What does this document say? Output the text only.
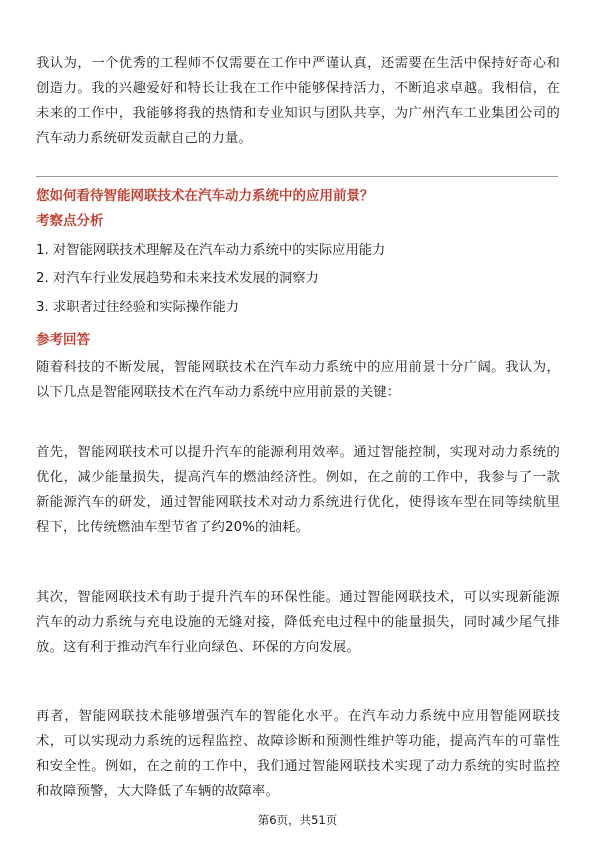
我认为，一个优秀的工程师不仅需要在工作中严谨认真，还需要在生活中保持好奇心和创造力。我的兴趣爱好和特长让我在工作中能够保持活力，不断追求卓越。我相信，在未来的工作中，我能够将我的热情和专业知识与团队共享，为广州汽车工业集团公司的汽车动力系统研发贡献自己的力量。

您如何看待智能网联技术在汽车动力系统中的应用前景？

考察点分析

1. 对智能网联技术理解及在汽车动力系统中的实际应用能力

2. 对汽车行业发展趋势和未来技术发展的洞察力

3. 求职者过往经验和实际操作能力

参考回答

随着科技的不断发展，智能网联技术在汽车动力系统中的应用前景十分广阔。我认为，以下几点是智能网联技术在汽车动力系统中应用前景的关键：

首先，智能网联技术可以提升汽车的能源利用效率。通过智能控制，实现对动力系统的优化，减少能量损失，提高汽车的燃油经济性。例如，在之前的工作中，我参与了一款新能源汽车的研发，通过智能网联技术对动力系统进行优化，使得该车型在同等续航里程下，比传统燃油车型节省了约20%的油耗。

其次，智能网联技术有助于提升汽车的环保性能。通过智能网联技术，可以实现新能源汽车的动力系统与充电设施的无缝对接，降低充电过程中的能量损失，同时减少尾气排放。这有利于推动汽车行业向绿色、环保的方向发展。

再者，智能网联技术能够增强汽车的智能化水平。在汽车动力系统中应用智能网联技术，可以实现动力系统的远程监控、故障诊断和预测性维护等功能，提高汽车的可靠性和安全性。例如，在之前的工作中，我们通过智能网联技术实现了动力系统的实时监控和故障预警，大大降低了车辆的故障率。

第6页，共51页
